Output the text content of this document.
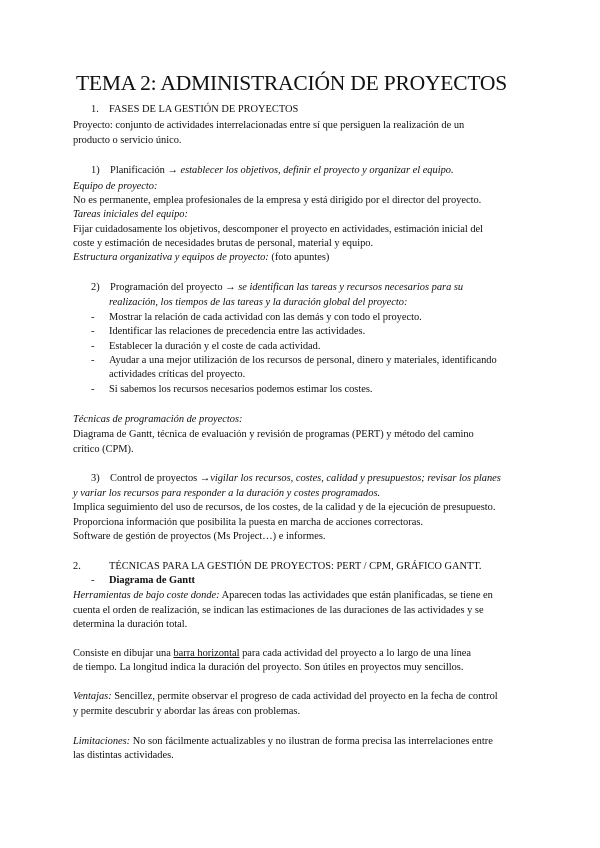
TEMA 2: ADMINISTRACIÓN DE PROYECTOS
1. FASES DE LA GESTIÓN DE PROYECTOS
Proyecto: conjunto de actividades interrelacionadas entre sí que persiguen la realización de un
producto o servicio único.
1) Planificación → establecer los objetivos, definir el proyecto y organizar el equipo.
Equipo de proyecto:
No es permanente, emplea profesionales de la empresa y está dirigido por el director del proyecto.
Tareas iniciales del equipo:
Fijar cuidadosamente los objetivos, descomponer el proyecto en actividades, estimación inicial del
coste y estimación de necesidades brutas de personal, material y equipo.
Estructura organizativa y equipos de proyecto: (foto apuntes)
2) Programación del proyecto → se identifican las tareas y recursos necesarios para su
realización, los tiempos de las tareas y la duración global del proyecto:
- Mostrar la relación de cada actividad con las demás y con todo el proyecto.
- Identificar las relaciones de precedencia entre las actividades.
- Establecer la duración y el coste de cada actividad.
- Ayudar a una mejor utilización de los recursos de personal, dinero y materiales, identificando
actividades críticas del proyecto.
- Si sabemos los recursos necesarios podemos estimar los costes.
Técnicas de programación de proyectos:
Diagrama de Gantt, técnica de evaluación y revisión de programas (PERT) y método del camino
crítico (CPM).
3) Control de proyectos →vigilar los recursos, costes, calidad y presupuestos; revisar los planes
y variar los recursos para responder a la duración y costes programados.
Implica seguimiento del uso de recursos, de los costes, de la calidad y de la ejecución de presupuesto.
Proporciona información que posibilita la puesta en marcha de acciones correctoras.
Software de gestión de proyectos (Ms Project…) e informes.
2.	TÉCNICAS PARA LA GESTIÓN DE PROYECTOS: PERT / CPM, GRÁFICO GANTT.
- Diagrama de Gantt
Herramientas de bajo coste donde: Aparecen todas las actividades que están planificadas, se tiene en
cuenta el orden de realización, se indican las estimaciones de las duraciones de las actividades y se
determina la duración total.
Consiste en dibujar una barra horizontal para cada actividad del proyecto a lo largo de una línea
de tiempo. La longitud indica la duración del proyecto. Son útiles en proyectos muy sencillos.
Ventajas: Sencillez, permite observar el progreso de cada actividad del proyecto en la fecha de control
y permite descubrir y abordar las áreas con problemas.
Limitaciones: No son fácilmente actualizables y no ilustran de forma precisa las interrelaciones entre
las distintas actividades.
